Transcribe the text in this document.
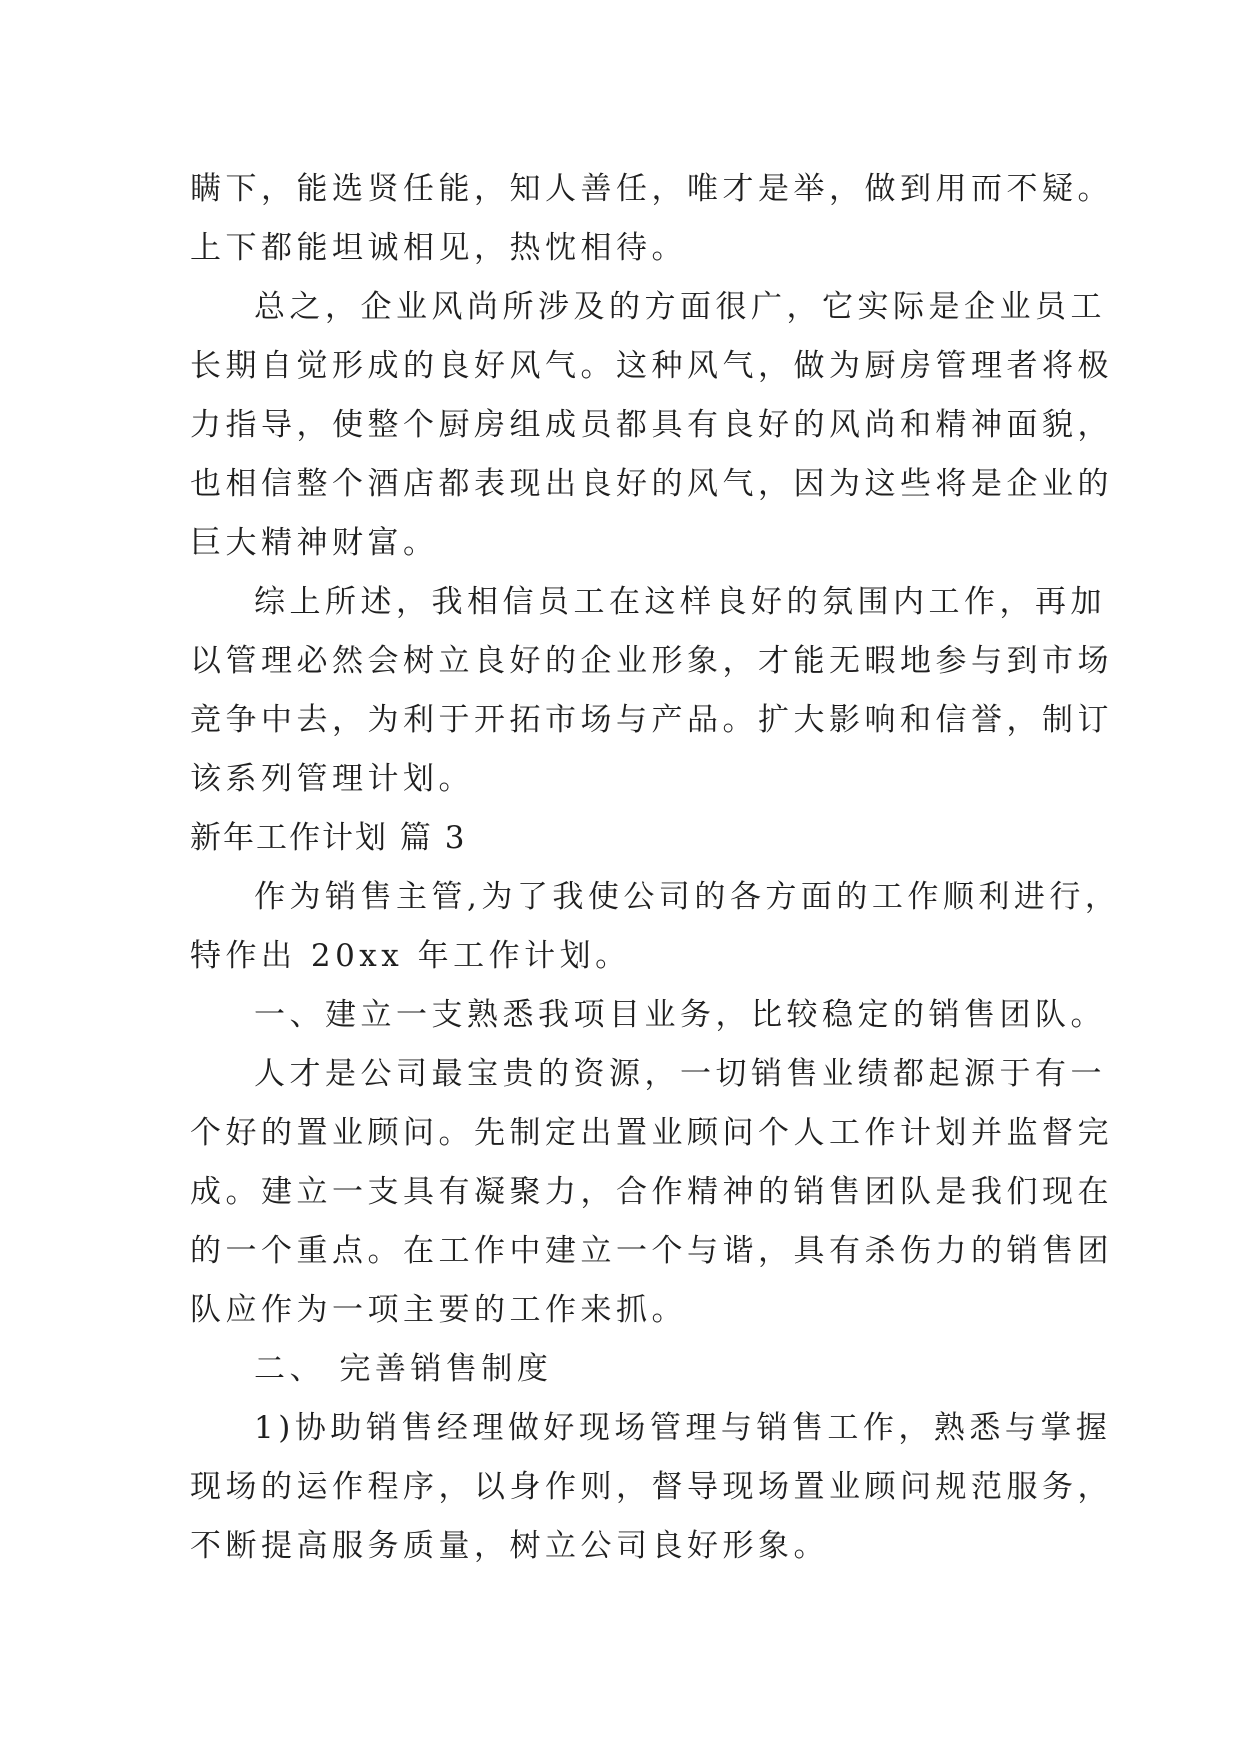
瞒下，能选贤任能，知人善任，唯才是举，做到用而不疑。
上下都能坦诚相见，热忱相待。
总之，企业风尚所涉及的方面很广，它实际是企业员工
长期自觉形成的良好风气。这种风气，做为厨房管理者将极
力指导，使整个厨房组成员都具有良好的风尚和精神面貌，
也相信整个酒店都表现出良好的风气，因为这些将是企业的
巨大精神财富。
综上所述，我相信员工在这样良好的氛围内工作，再加
以管理必然会树立良好的企业形象，才能无暇地参与到市场
竞争中去，为利于开拓市场与产品。扩大影响和信誉，制订
该系列管理计划。
新年工作计划 篇 3
作为销售主管,为了我使公司的各方面的工作顺利进行，
特作出 20xx 年工作计划。
一、建立一支熟悉我项目业务，比较稳定的销售团队。
人才是公司最宝贵的资源，一切销售业绩都起源于有一
个好的置业顾问。先制定出置业顾问个人工作计划并监督完
成。建立一支具有凝聚力，合作精神的销售团队是我们现在
的一个重点。在工作中建立一个与谐，具有杀伤力的销售团
队应作为一项主要的工作来抓。
二、 完善销售制度
1)协助销售经理做好现场管理与销售工作，熟悉与掌握
现场的运作程序，以身作则，督导现场置业顾问规范服务，
不断提高服务质量，树立公司良好形象。
